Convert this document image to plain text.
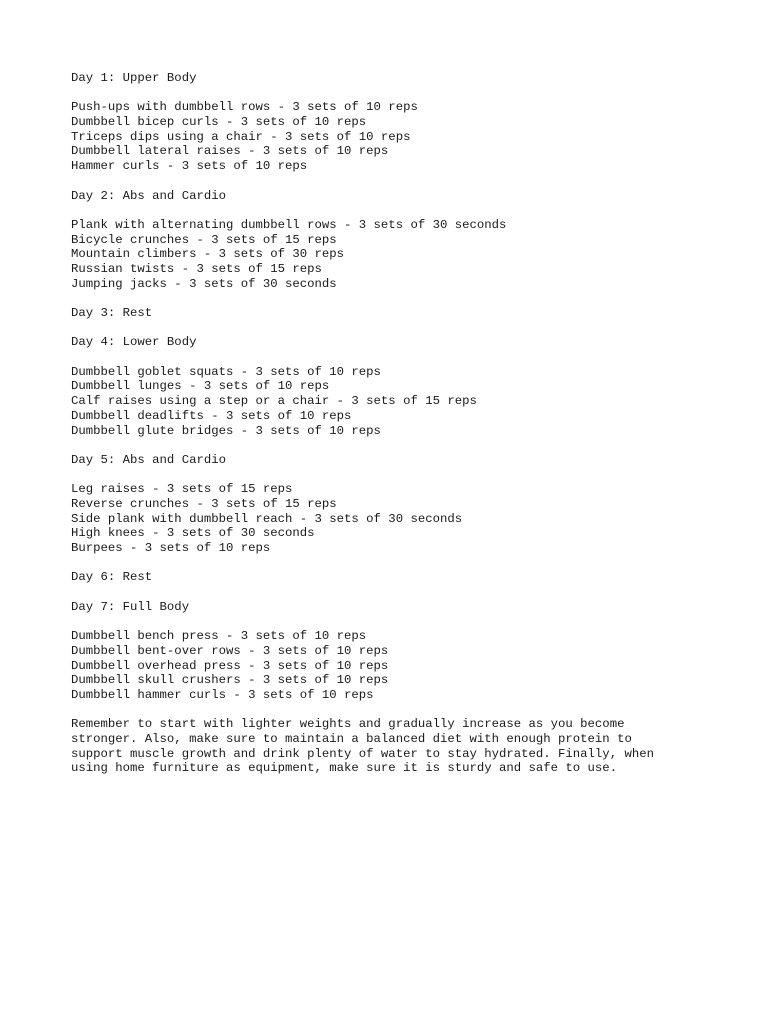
Day 1: Upper Body
Push-ups with dumbbell rows - 3 sets of 10 reps
Dumbbell bicep curls - 3 sets of 10 reps
Triceps dips using a chair - 3 sets of 10 reps
Dumbbell lateral raises - 3 sets of 10 reps
Hammer curls - 3 sets of 10 reps
Day 2: Abs and Cardio
Plank with alternating dumbbell rows - 3 sets of 30 seconds
Bicycle crunches - 3 sets of 15 reps
Mountain climbers - 3 sets of 30 reps
Russian twists - 3 sets of 15 reps
Jumping jacks - 3 sets of 30 seconds
Day 3: Rest
Day 4: Lower Body
Dumbbell goblet squats - 3 sets of 10 reps
Dumbbell lunges - 3 sets of 10 reps
Calf raises using a step or a chair - 3 sets of 15 reps
Dumbbell deadlifts - 3 sets of 10 reps
Dumbbell glute bridges - 3 sets of 10 reps
Day 5: Abs and Cardio
Leg raises - 3 sets of 15 reps
Reverse crunches - 3 sets of 15 reps
Side plank with dumbbell reach - 3 sets of 30 seconds
High knees - 3 sets of 30 seconds
Burpees - 3 sets of 10 reps
Day 6: Rest
Day 7: Full Body
Dumbbell bench press - 3 sets of 10 reps
Dumbbell bent-over rows - 3 sets of 10 reps
Dumbbell overhead press - 3 sets of 10 reps
Dumbbell skull crushers - 3 sets of 10 reps
Dumbbell hammer curls - 3 sets of 10 reps
Remember to start with lighter weights and gradually increase as you become
stronger. Also, make sure to maintain a balanced diet with enough protein to
support muscle growth and drink plenty of water to stay hydrated. Finally, when
using home furniture as equipment, make sure it is sturdy and safe to use.
